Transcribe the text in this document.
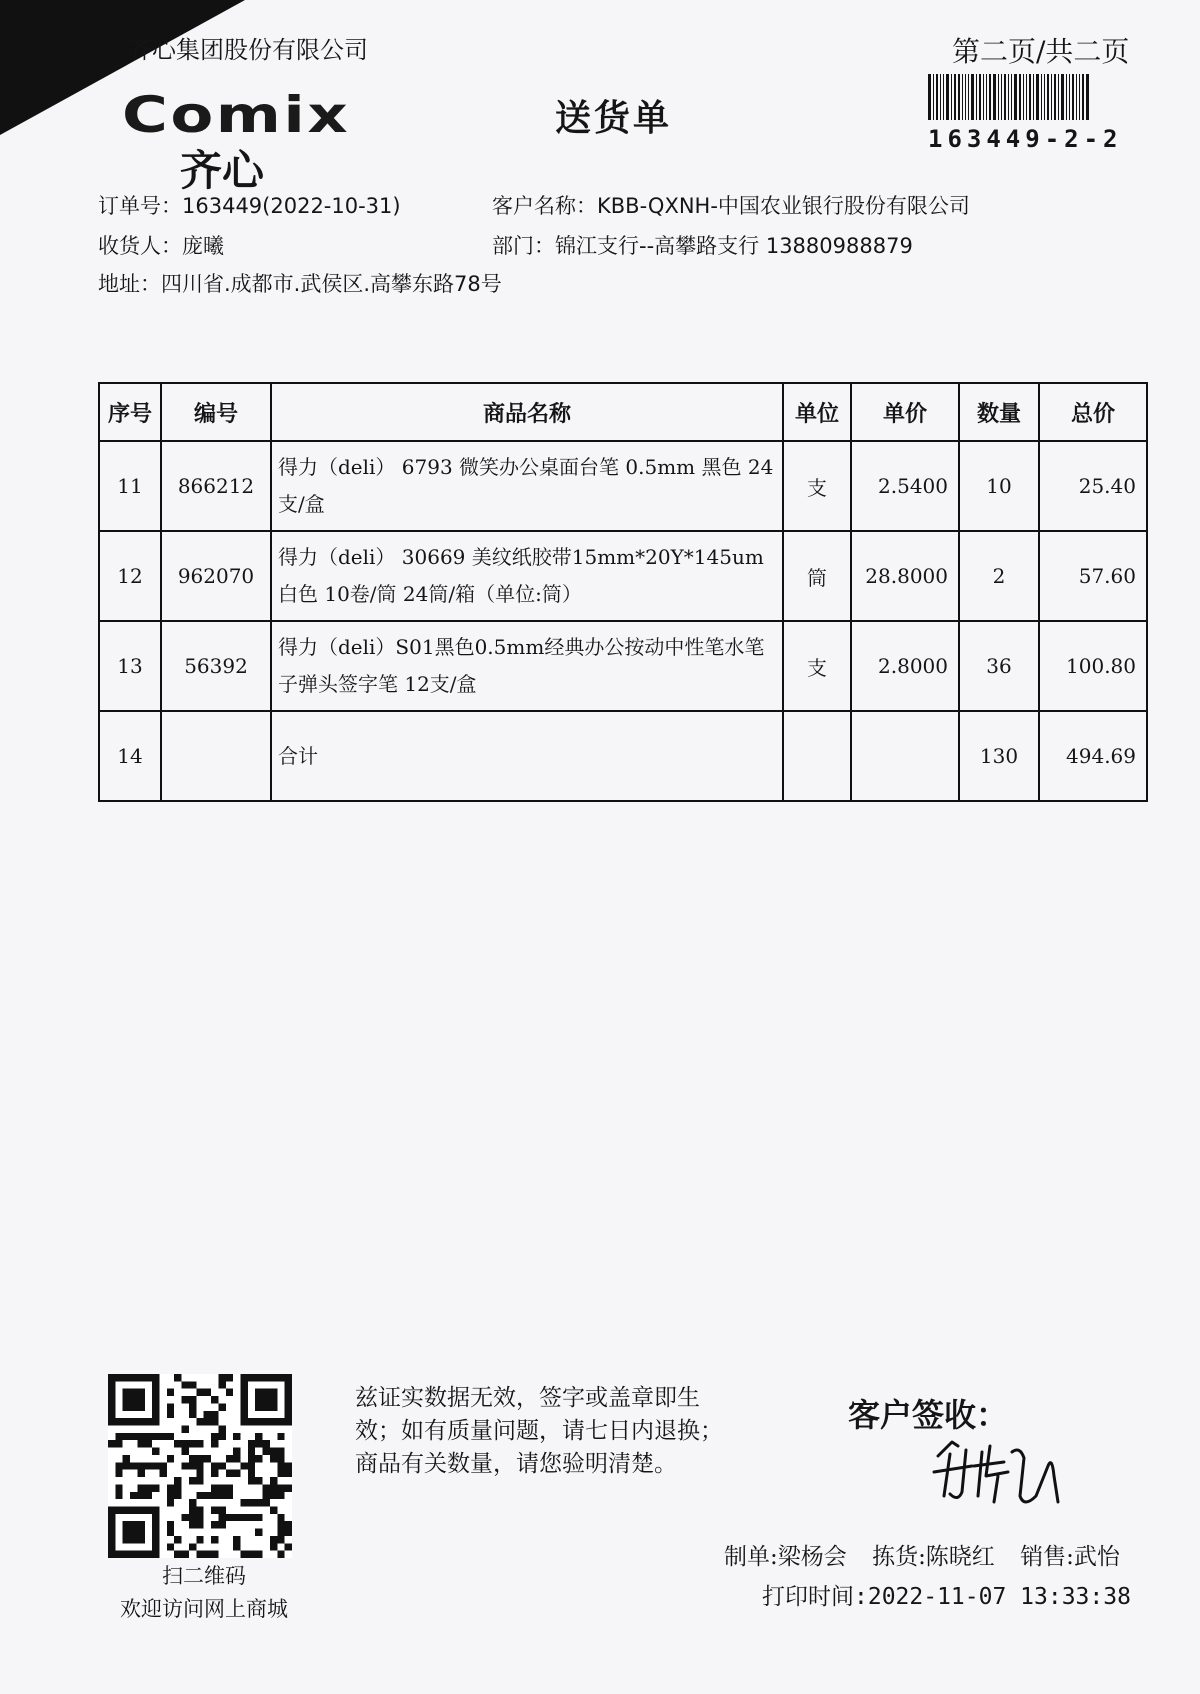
齐心集团股份有限公司
Comix
齐心
送货单
第二页/共二页
163449-2-2
订单号：163449(2022-10-31)
收货人：庞曦
地址：四川省.成都市.武侯区.高攀东路78号
客户名称：KBB-QXNH-中国农业银行股份有限公司
部门：锦江支行--高攀路支行 13880988879
序号	编号	商品名称	单位	单价	数量	总价
11	866212	得力（deli） 6793 微笑办公桌面台笔 0.5mm 黑色 24支/盒	支	2.5400	10	25.40
12	962070	得力（deli） 30669 美纹纸胶带15mm*20Y*145um 白色 10卷/筒 24筒/箱（单位:筒）	筒	28.8000	2	57.60
13	56392	得力（deli）S01黑色0.5mm经典办公按动中性笔水笔 子弹头签字笔 12支/盒	支	2.8000	36	100.80
14		合计			130	494.69
扫二维码
欢迎访问网上商城
兹证实数据无效，签字或盖章即生
效；如有质量问题，请七日内退换；
商品有关数量，请您验明清楚。
客户签收：
制单:梁杨会 拣货:陈晓红 销售:武怡
打印时间:2022-11-07 13:33:38
